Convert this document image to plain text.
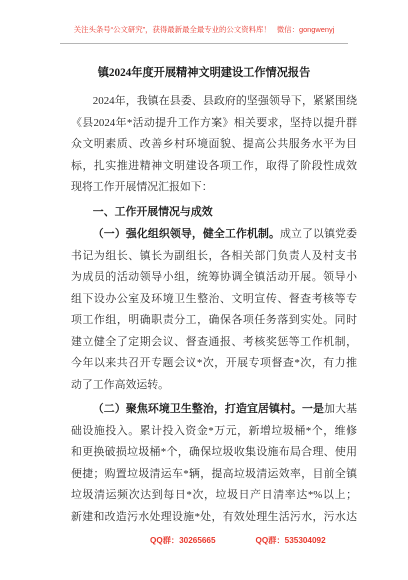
关注头条号“公文研究”，获得最新最全最专业的公文资料库！ 微信：gongwenyj
镇2024年度开展精神文明建设工作情况报告
2024年，我镇在县委、县政府的坚强领导下，紧紧围绕
《县2024年*活动提升工作方案》相关要求，坚持以提升群
众文明素质、改善乡村环境面貌、提高公共服务水平为目
标，扎实推进精神文明建设各项工作，取得了阶段性成效
现将工作开展情况汇报如下：
一、工作开展情况与成效
（一）强化组织领导，健全工作机制。成立了以镇党委
书记为组长、镇长为副组长，各相关部门负责人及村支书
为成员的活动领导小组，统筹协调全镇活动开展。领导小
组下设办公室及环境卫生整治、文明宣传、督查考核等专
项工作组，明确职责分工，确保各项任务落到实处。同时
建立健全了定期会议、督查通报、考核奖惩等工作机制，
今年以来共召开专题会议*次，开展专项督查*次，有力推
动了工作高效运转。
（二）聚焦环境卫生整治，打造宜居镇村。一是加大基
础设施投入。累计投入资金*万元，新增垃圾桶*个，维修
和更换破损垃圾桶*个，确保垃圾收集设施布局合理、使用
便捷；购置垃圾清运车*辆，提高垃圾清运效率，目前全镇
垃圾清运频次达到每日*次，垃圾日产日清率达*%以上；
新建和改造污水处理设施*处，有效处理生活污水，污水达
QQ群：30265665	QQ群：535304092
